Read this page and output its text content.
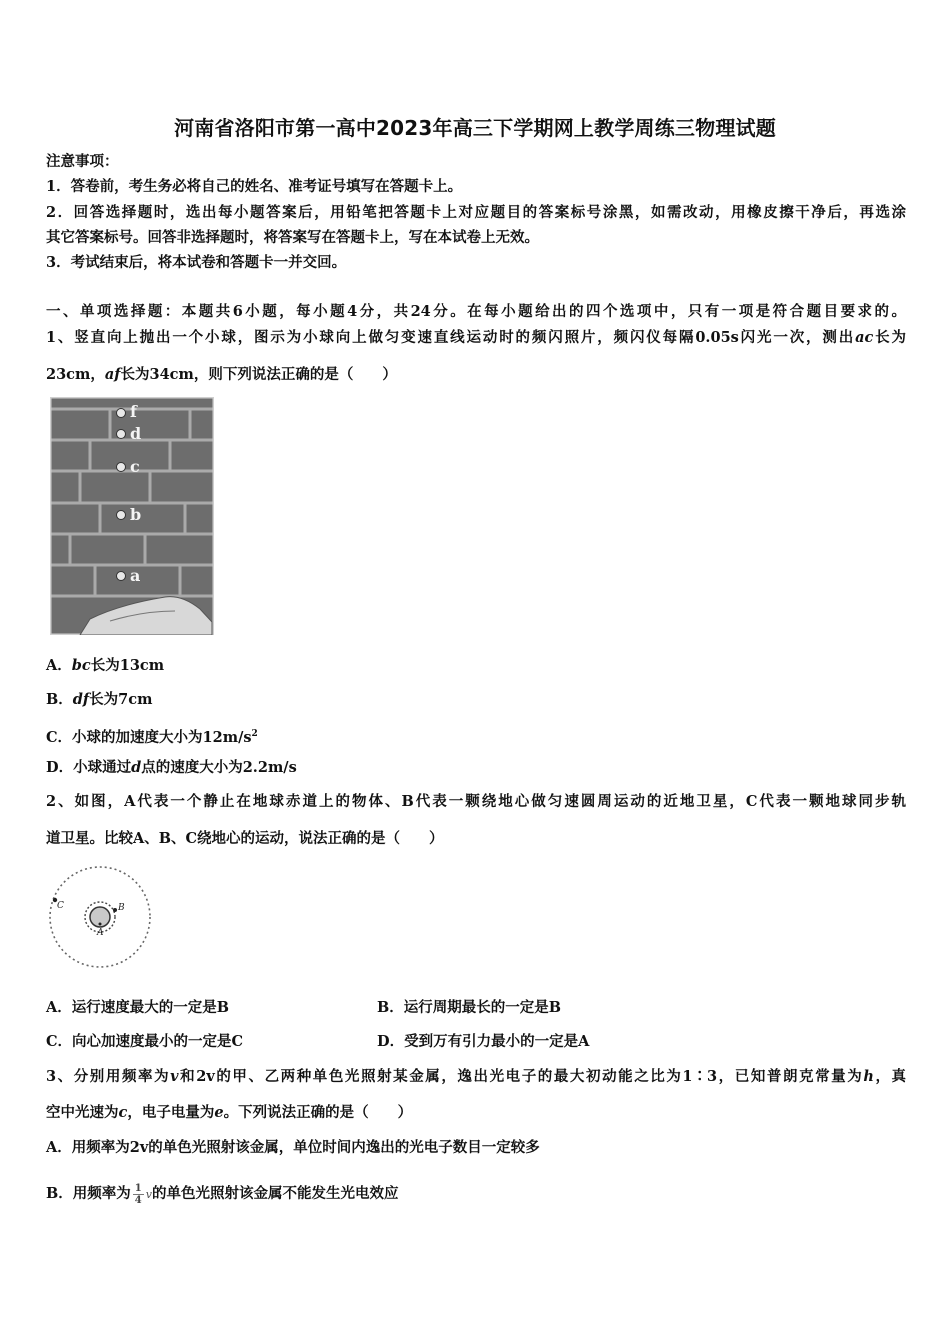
河南省洛阳市第一高中2023年高三下学期网上教学周练三物理试题
注意事项：
1．答卷前，考生务必将自己的姓名、准考证号填写在答题卡上。
2．回答选择题时，选出每小题答案后，用铅笔把答题卡上对应题目的答案标号涂黑，如需改动，用橡皮擦干净后，再选涂
其它答案标号。回答非选择题时，将答案写在答题卡上，写在本试卷上无效。
3．考试结束后，将本试卷和答题卡一并交回。
一、单项选择题：本题共6小题，每小题4分，共24分。在每小题给出的四个选项中，只有一项是符合题目要求的。
1、竖直向上抛出一个小球，图示为小球向上做匀变速直线运动时的频闪照片，频闪仪每隔0.05s闪光一次，测出ac长为
23cm，af长为34cm，则下列说法正确的是（　　）
f
d
c
b
a
A．bc长为13cm
B．df长为7cm
C．小球的加速度大小为$12m/s^2$
D．小球通过d点的速度大小为2.2m/s
2、如图，A代表一个静止在地球赤道上的物体、B代表一颗绕地心做匀速圆周运动的近地卫星，C代表一颗地球同步轨
道卫星。比较A、B、C绕地心的运动，说法正确的是（　　）
C
A
B
A．运行速度最大的一定是B	B．运行周期最长的一定是B
C．向心加速度最小的一定是C	D．受到万有引力最小的一定是A
3、分别用频率为v和2v的甲、乙两种单色光照射某金属，逸出光电子的最大初动能之比为1∶3，已知普朗克常量为h，真
空中光速为c，电子电量为e。下列说法正确的是（　　）
A．用频率为2v的单色光照射该金属，单位时间内逸出的光电子数目一定较多
B．用频率为 $\frac{1}{4}$ v的单色光照射该金属不能发生光电效应
